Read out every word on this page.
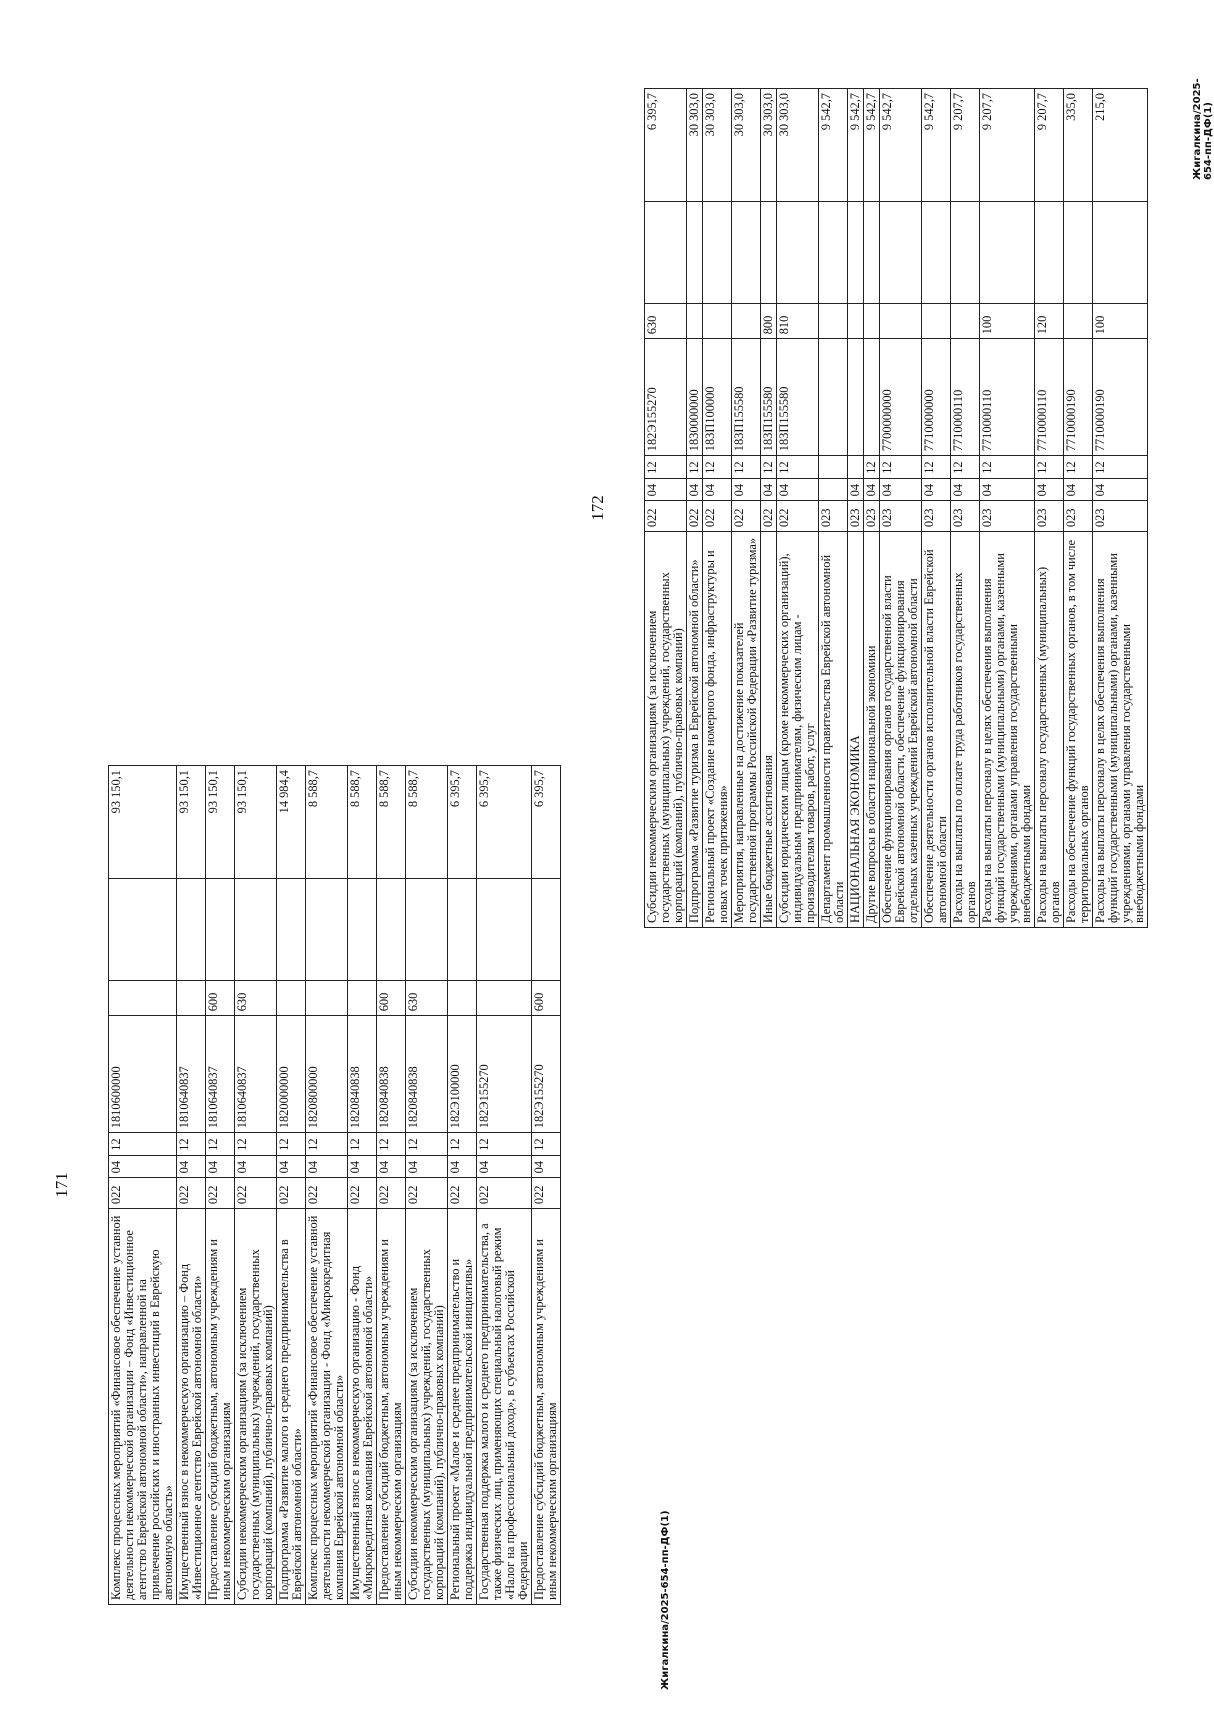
171
Комплекс процессных мероприятий «Финансовое обеспечение уставной деятельности некоммерческой организации – Фонд «Инвестиционное агентство Еврейской автономной области», направленной на привлечение российских и иностранных инвестиций в Еврейскую автономную область»	022	04	12	1810600000			93 150,1
Имущественный взнос в некоммерческую организацию – Фонд «Инвестиционное агентство Еврейской автономной области»	022	04	12	1810640837			93 150,1
Предоставление субсидий бюджетным, автономным учреждениям и иным некоммерческим организациям	022	04	12	1810640837	600		93 150,1
Субсидии некоммерческим организациям (за исключением государственных (муниципальных) учреждений, государственных корпораций (компаний), публично-правовых компаний)	022	04	12	1810640837	630		93 150,1
Подпрограмма «Развитие малого и среднего предпринимательства в Еврейской автономной области»	022	04	12	1820000000			14 984,4
Комплекс процессных мероприятий «Финансовое обеспечение уставной деятельности некоммерческой организации - Фонд «Микрокредитная компания Еврейской автономной области»	022	04	12	1820800000			8 588,7
Имущественный взнос в некоммерческую организацию - Фонд «Микрокредитная компания Еврейской автономной области»	022	04	12	1820840838			8 588,7
Предоставление субсидий бюджетным, автономным учреждениям и иным некоммерческим организациям	022	04	12	1820840838	600		8 588,7
Субсидии некоммерческим организациям (за исключением государственных (муниципальных) учреждений, государственных корпораций (компаний), публично-правовых компаний)	022	04	12	1820840838	630		8 588,7
Региональный проект «Малое и среднее предпринимательство и поддержка индивидуальной предпринимательской инициативы»	022	04	12	182Э100000			6 395,7
Государственная поддержка малого и среднего предпринимательства, а также физических лиц, применяющих специальный налоговый режим «Налог на профессиональный доход», в субъектах Российской Федерации	022	04	12	182Э155270			6 395,7
Предоставление субсидий бюджетным, автономным учреждениям и иным некоммерческим организациям	022	04	12	182Э155270	600		6 395,7
Жигалкина/2025-654-пп-ДФ(1)
172
Субсидии некоммерческим организациям (за исключением государственных (муниципальных) учреждений, государственных корпораций (компаний), публично-правовых компаний)	022	04	12	182Э155270	630		6 395,7
Подпрограмма «Развитие туризма в Еврейской автономной области»	022	04	12	1830000000			30 303,0
Региональный проект «Создание номерного фонда, инфраструктуры и новых точек притяжения»	022	04	12	183П100000			30 303,0
Мероприятия, направленные на достижение показателей государственной программы Российской Федерации «Развитие туризма»	022	04	12	183П155580			30 303,0
Иные бюджетные ассигнования	022	04	12	183П155580	800		30 303,0
Субсидии юридическим лицам (кроме некоммерческих организаций), индивидуальным предпринимателям, физическим лицам - производителям товаров, работ, услуг	022	04	12	183П155580	810		30 303,0
Департамент промышленности правительства Еврейской автономной области	023						9 542,7
НАЦИОНАЛЬНАЯ ЭКОНОМИКА	023	04					9 542,7
Другие вопросы в области национальной экономики	023	04	12				9 542,7
Обеспечение функционирования органов государственной власти Еврейской автономной области, обеспечение функционирования отдельных казенных учреждений Еврейской автономной области	023	04	12	7700000000			9 542,7
Обеспечение деятельности органов исполнительной власти Еврейской автономной области	023	04	12	7710000000			9 542,7
Расходы на выплаты по оплате труда работников государственных органов	023	04	12	7710000110			9 207,7
Расходы на выплаты персоналу в целях обеспечения выполнения функций государственными (муниципальными) органами, казенными учреждениями, органами управления государственными внебюджетными фондами	023	04	12	7710000110	100		9 207,7
Расходы на выплаты персоналу государственных (муниципальных) органов	023	04	12	7710000110	120		9 207,7
Расходы на обеспечение функций государственных органов, в том числе территориальных органов	023	04	12	7710000190			335,0
Расходы на выплаты персоналу в целях обеспечения выполнения функций государственными (муниципальными) органами, казенными учреждениями, органами управления государственными внебюджетными фондами	023	04	12	7710000190	100		215,0	Жигалкина/2025-654-пп-ДФ(1)
